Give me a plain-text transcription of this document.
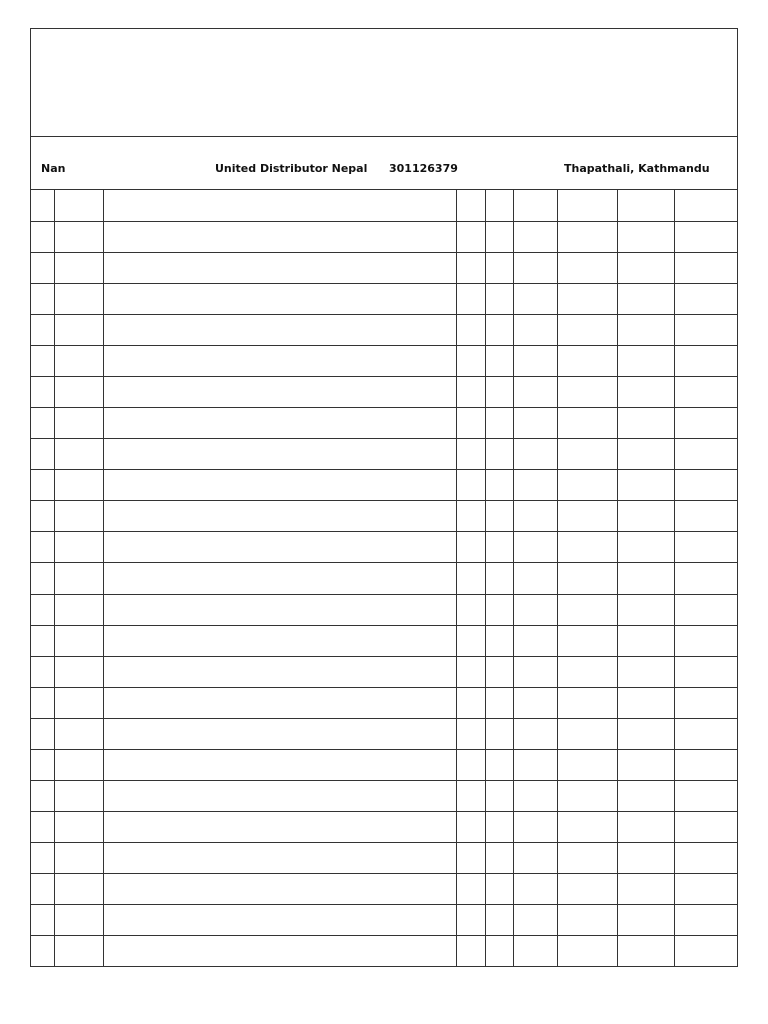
Nan	United Distributor Nepal 301126379	Thapathali, Kathmandu
